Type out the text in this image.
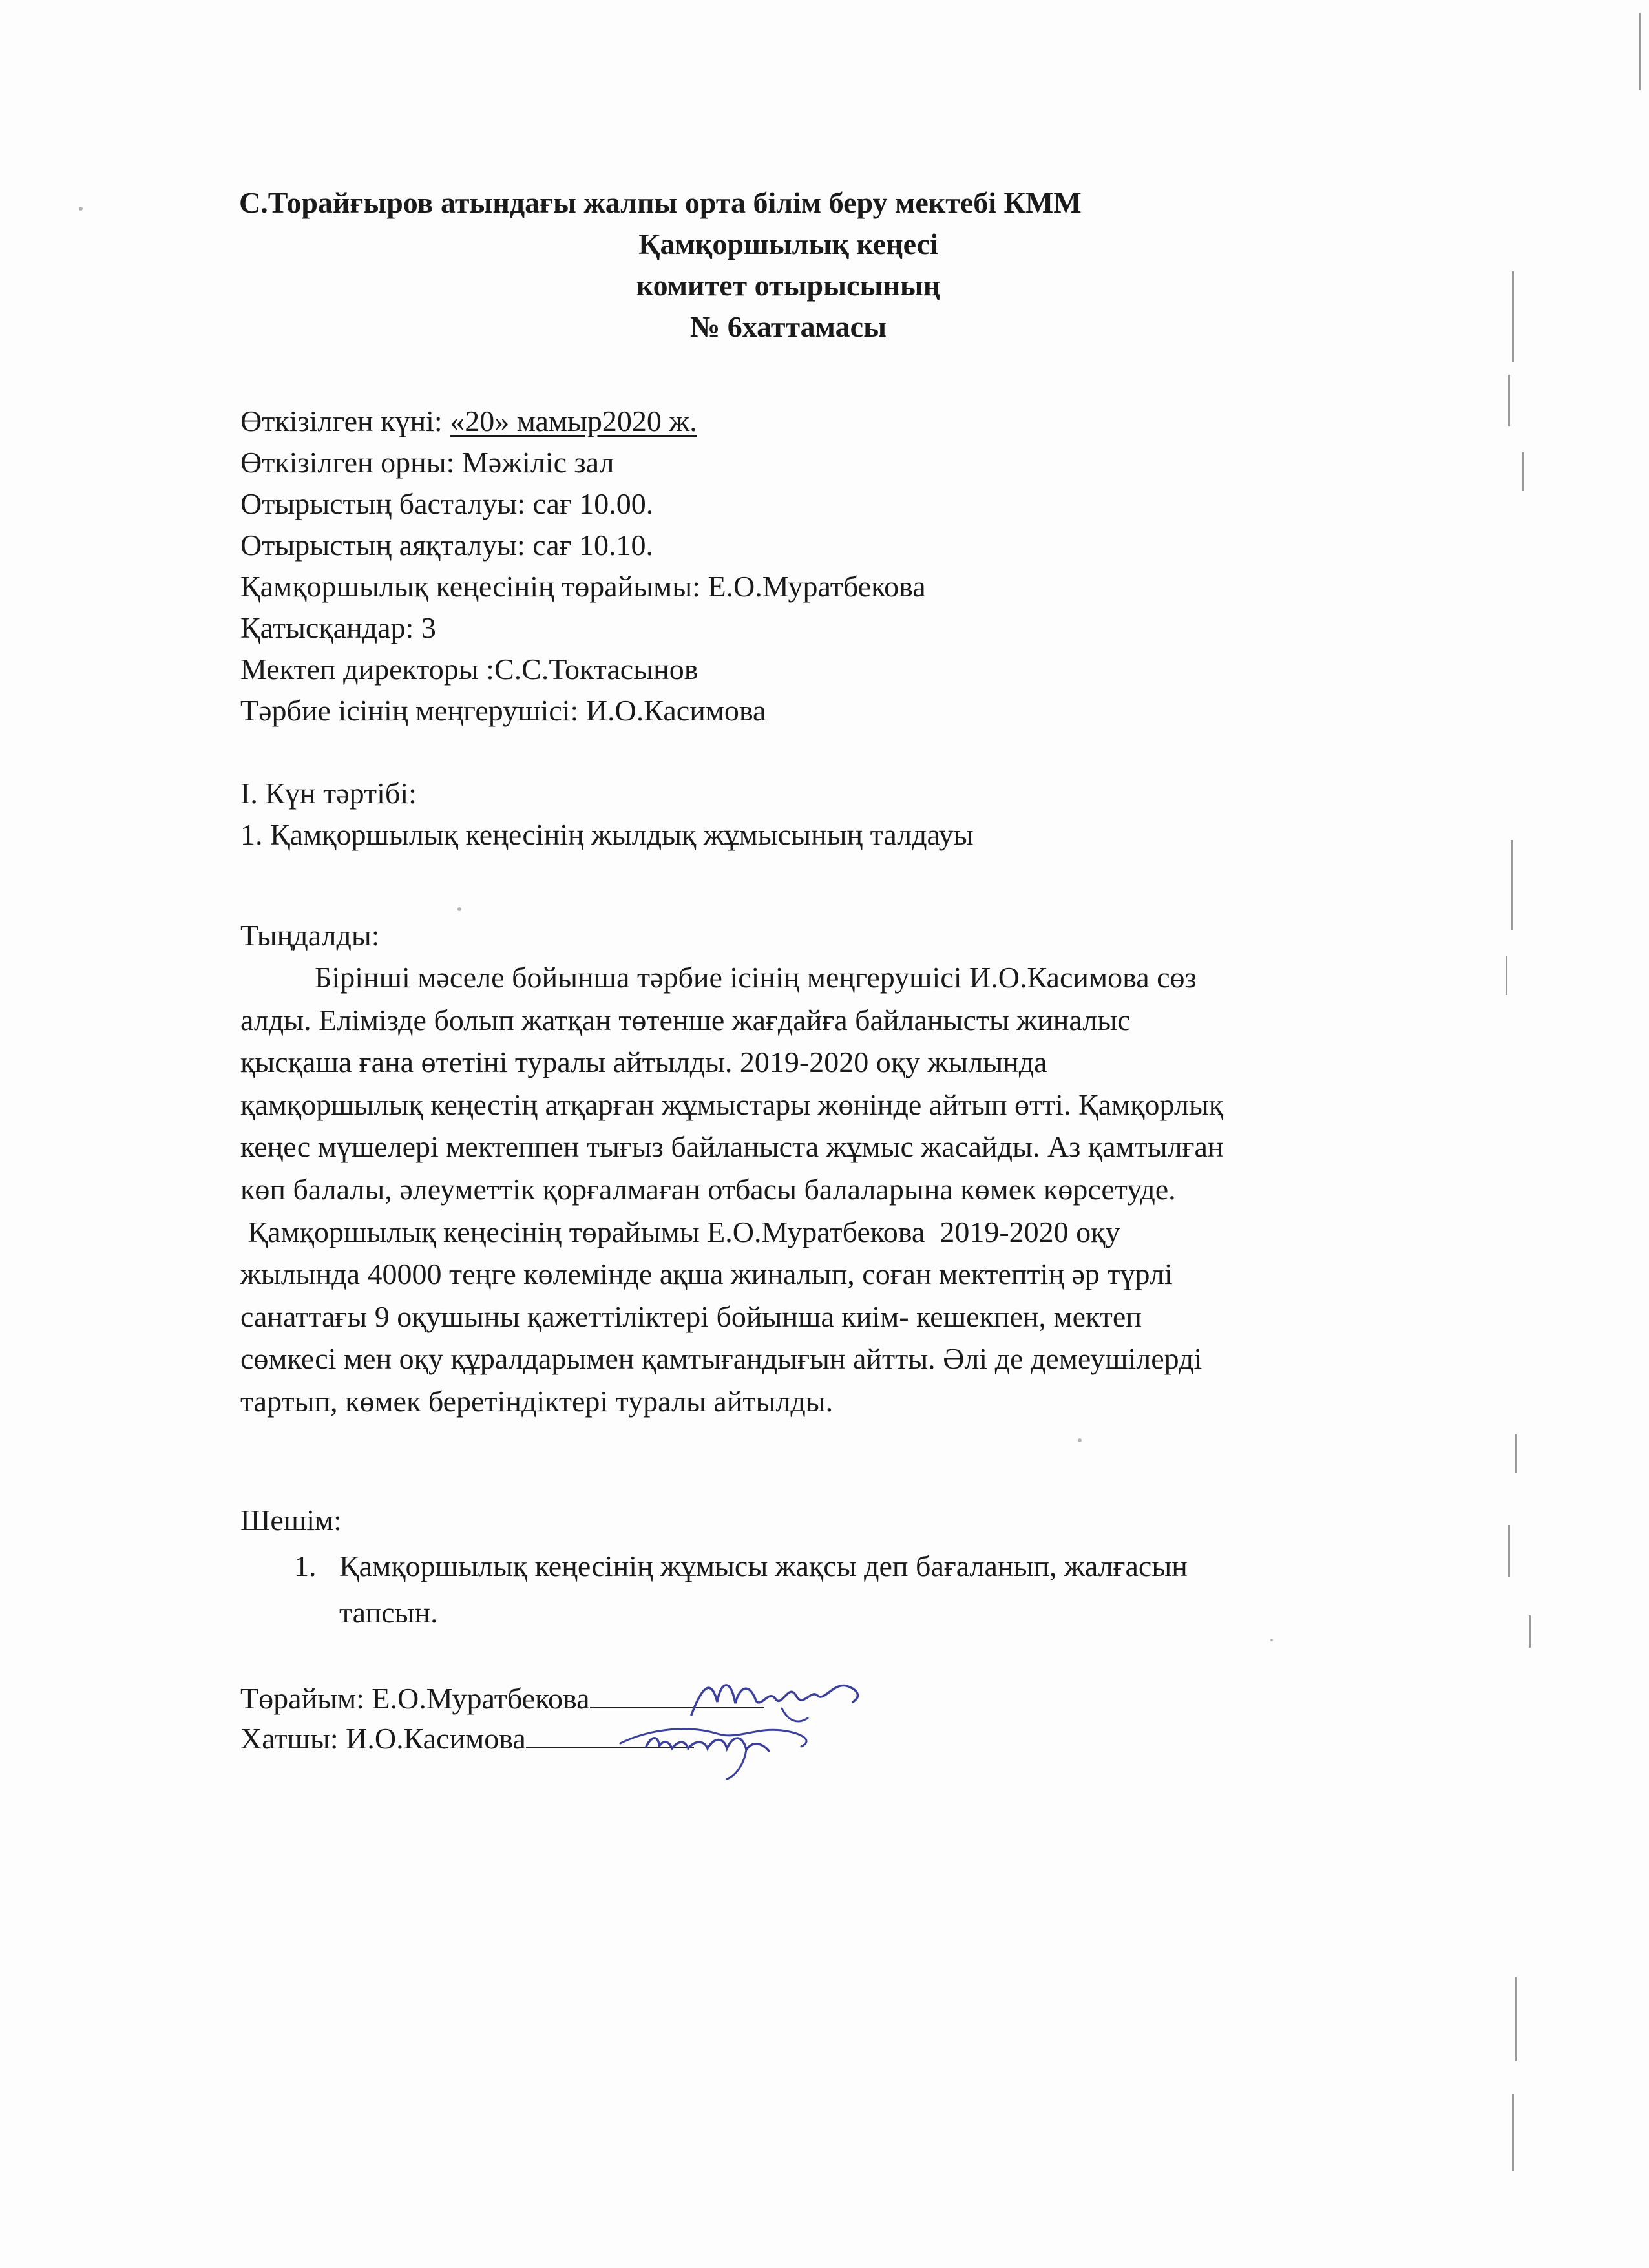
С.Торайғыров атындағы жалпы орта білім беру мектебі КММ
Қамқоршылық кеңесі
комитет отырысының
№ 6хаттамасы
Өткізілген күні: «20» мамыр2020 ж.
Өткізілген орны: Мәжіліс зал
Отырыстың басталуы: сағ 10.00.
Отырыстың аяқталуы: сағ 10.10.
Қамқоршылық кеңесінің төрайымы: Е.О.Муратбекова
Қатысқандар: 3
Мектеп директоры :С.С.Токтасынов
Тәрбие ісінің меңгерушісі: И.О.Касимова
І. Күн тәртібі:
1. Қамқоршылық кеңесінің жылдық жұмысының талдауы
Тыңдалды:
Бірінші мәселе бойынша тәрбие ісінің меңгерушісі И.О.Касимова сөз
алды. Елімізде болып жатқан төтенше жағдайға байланысты жиналыс
қысқаша ғана өтетіні туралы айтылды. 2019-2020 оқу жылында
қамқоршылық кеңестің атқарған жұмыстары жөнінде айтып өтті. Қамқорлық
кеңес мүшелері мектеппен тығыз байланыста жұмыс жасайды. Аз қамтылған
көп балалы, әлеуметтік қорғалмаған отбасы балаларына көмек көрсетуде.
Қамқоршылық кеңесінің төрайымы Е.О.Муратбекова  2019-2020 оқу
жылында 40000 теңге көлемінде ақша жиналып, соған мектептің әр түрлі
санаттағы 9 оқушыны қажеттіліктері бойынша киім- кешекпен, мектеп
сөмкесі мен оқу құралдарымен қамтығандығын айтты. Әлі де демеушілерді
тартып, көмек беретіндіктері туралы айтылды.
Шешім:
1. Қамқоршылық кеңесінің жұмысы жақсы деп бағаланып, жалғасын
тапсын.
Төрайым: Е.О.Муратбекова
Хатшы: И.О.Касимова
